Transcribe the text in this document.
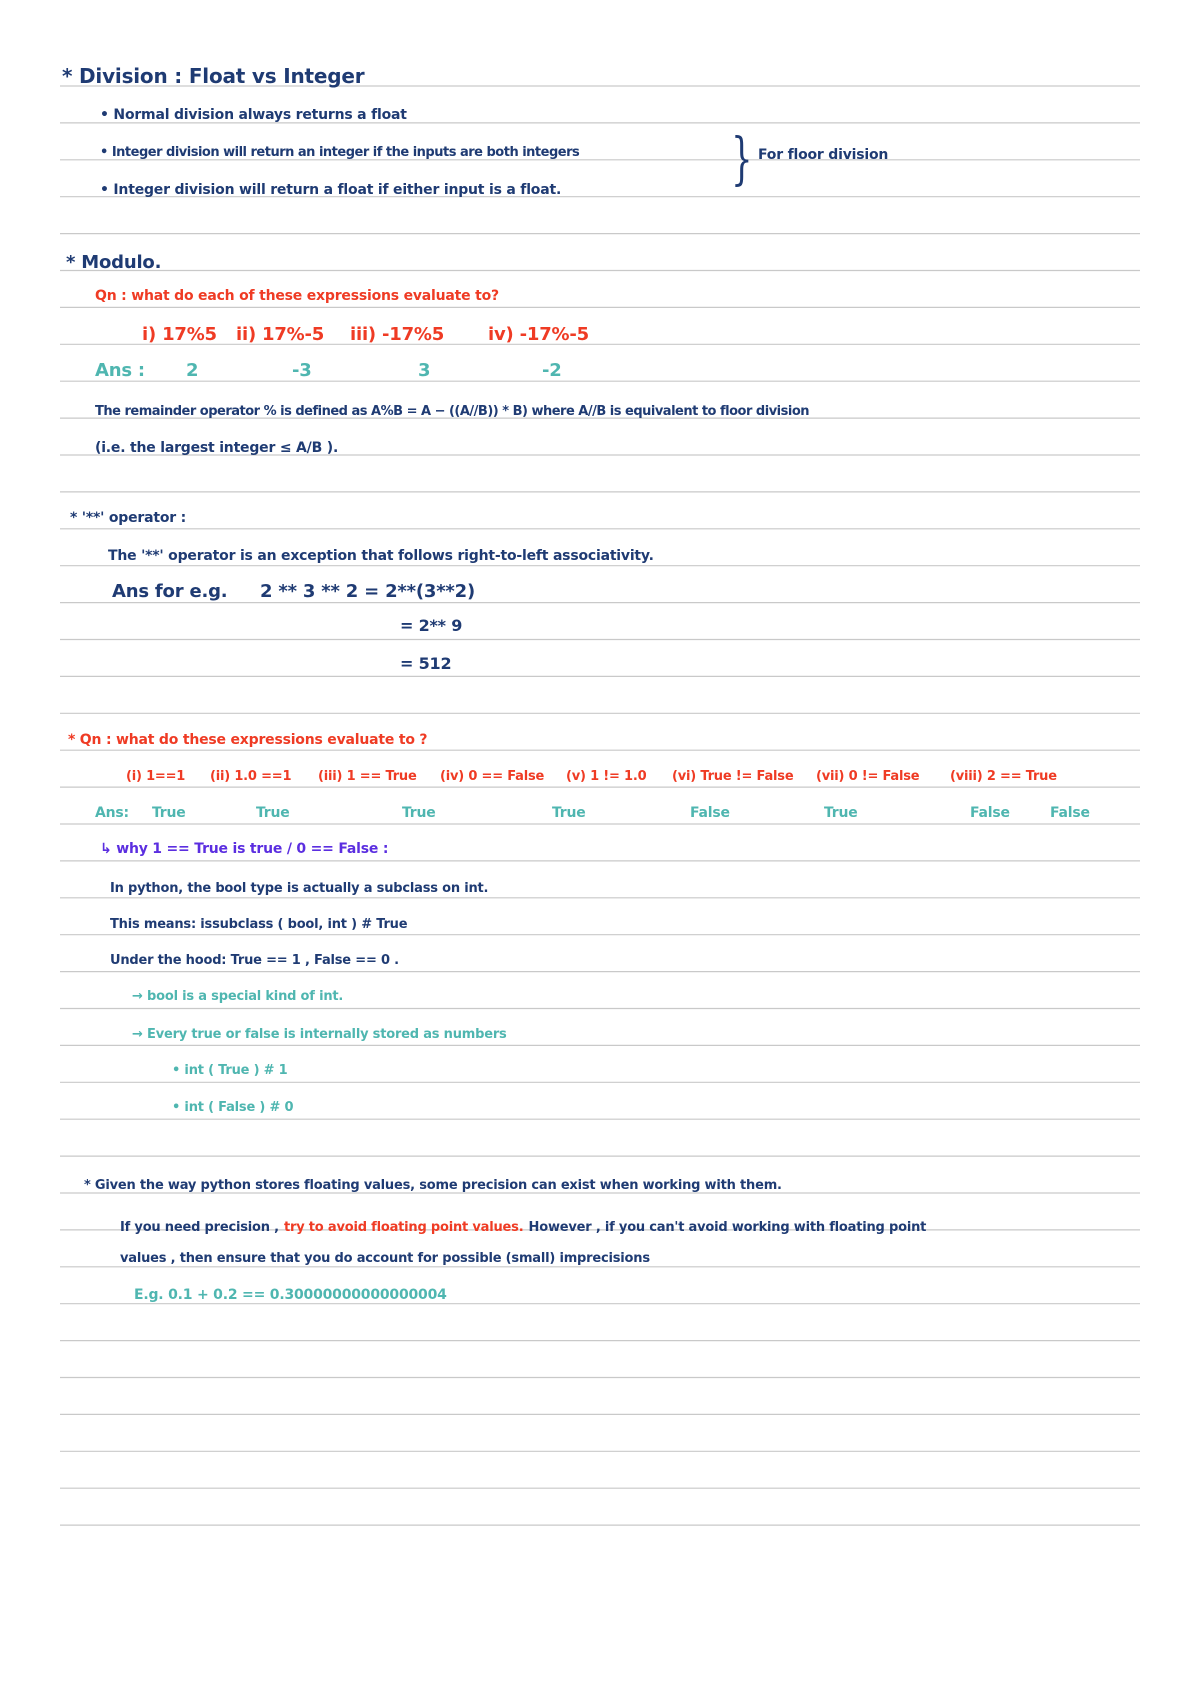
* Division : Float vs Integer
• Normal division always returns a float
• Integer division will return an integer if the inputs are both integers
• Integer division will return a float if either input is a float.	} For floor division
* Modulo.
Qn : what do each of these expressions evaluate to?
i) 17%5 ii) 17%-5 iii) -17%5 iv) -17%-5
Ans : 2	-3	3	-2
The remainder operator % is defined as A%B = A − ((A//B)) * B) where A//B is equivalent to floor division
(i.e. the largest integer ≤ A/B ).
* '**' operator :
The '**' operator is an exception that follows right-to-left associativity.
Ans for e.g. 2 ** 3 ** 2 = 2**(3**2)
= 2** 9
= 512
* Qn : what do these expressions evaluate to ?
(i) 1==1 (ii) 1.0 ==1 (iii) 1 == True (iv) 0 == False (v) 1 != 1.0 (vi) True != False (vii) 0 != False (viii) 2 == True
Ans: True	True	True	True	False	True	False	False
↳ why 1 == True is true / 0 == False :
In python, the bool type is actually a subclass on int.
This means: issubclass ( bool, int ) # True
Under the hood: True == 1 , False == 0 .
→ bool is a special kind of int.
→ Every true or false is internally stored as numbers
• int ( True ) # 1
• int ( False ) # 0
* Given the way python stores floating values, some precision can exist when working with them.
If you need precision , try to avoid floating point values. However , if you can't avoid working with floating point
values , then ensure that you do account for possible (small) imprecisions
E.g. 0.1 + 0.2 == 0.30000000000000004
